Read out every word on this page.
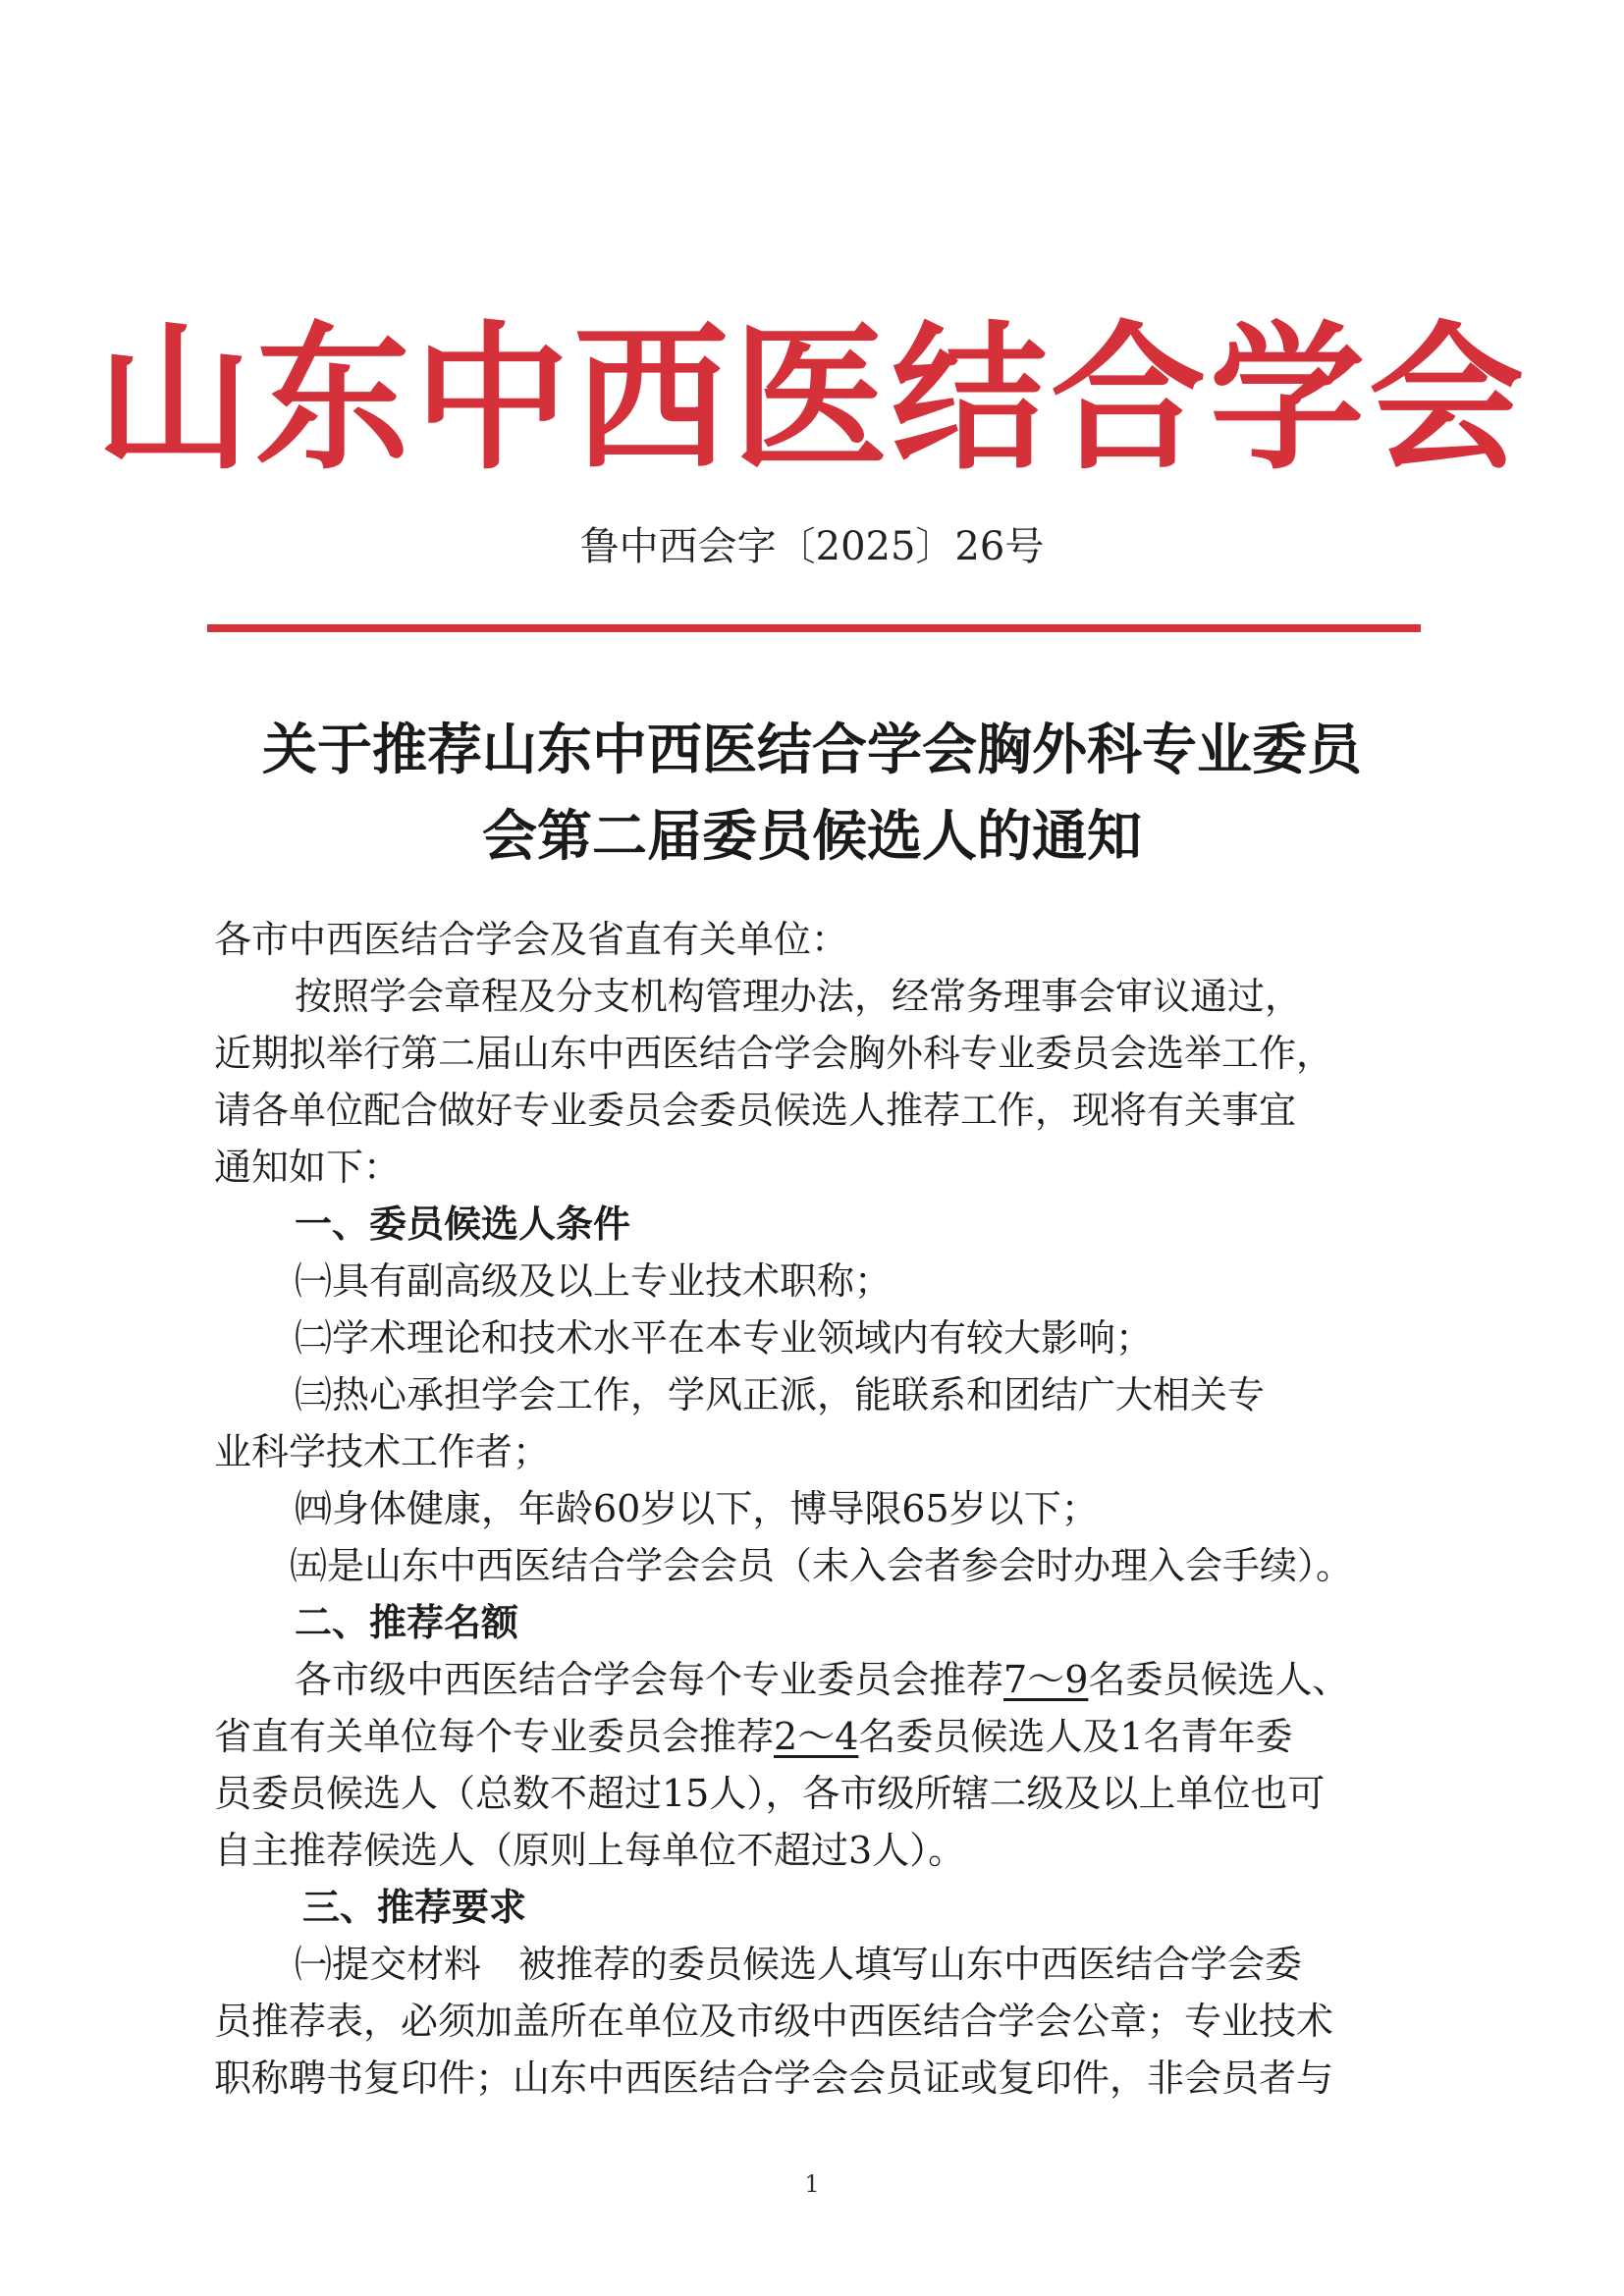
山东中西医结合学会
鲁中西会字〔2025〕26号
关于推荐山东中西医结合学会胸外科专业委员
会第二届委员候选人的通知
各市中西医结合学会及省直有关单位：
按照学会章程及分支机构管理办法，经常务理事会审议通过，
近期拟举行第二届山东中西医结合学会胸外科专业委员会选举工作，
请各单位配合做好专业委员会委员候选人推荐工作，现将有关事宜
通知如下：
一、委员候选人条件
㈠具有副高级及以上专业技术职称；
㈡学术理论和技术水平在本专业领域内有较大影响；
㈢热心承担学会工作，学风正派，能联系和团结广大相关专
业科学技术工作者；
㈣身体健康，年龄60岁以下，博导限65岁以下；
㈤是山东中西医结合学会会员（未入会者参会时办理入会手续）。
二、推荐名额
各市级中西医结合学会每个专业委员会推荐7～9名委员候选人、
省直有关单位每个专业委员会推荐2～4名委员候选人及1名青年委
员委员候选人（总数不超过15人），各市级所辖二级及以上单位也可
自主推荐候选人（原则上每单位不超过3人）。
三、推荐要求
㈠提交材料　被推荐的委员候选人填写山东中西医结合学会委
员推荐表，必须加盖所在单位及市级中西医结合学会公章；专业技术
职称聘书复印件；山东中西医结合学会会员证或复印件，非会员者与
1
